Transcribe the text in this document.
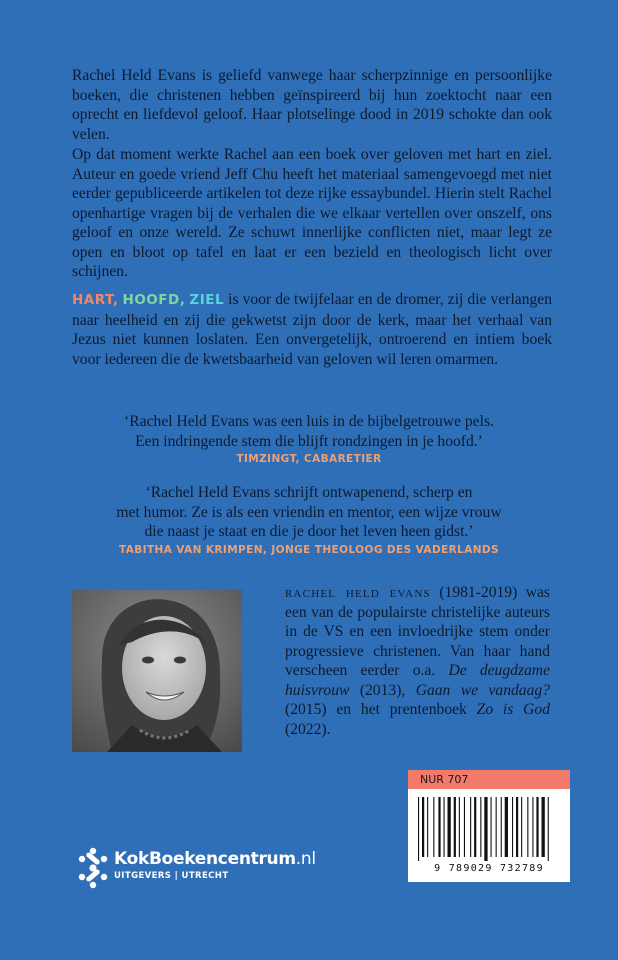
Rachel Held Evans is geliefd vanwege haar scherpzinnige en persoonlijke boeken, die christenen hebben geïnspireerd bij hun zoektocht naar een oprecht en liefdevol geloof. Haar plotselinge dood in 2019 schokte dan ook velen.

Op dat moment werkte Rachel aan een boek over geloven met hart en ziel. Auteur en goede vriend Jeff Chu heeft het materiaal samengevoegd met niet eerder gepubliceerde artikelen tot deze rijke essaybundel. Hierin stelt Rachel openhartige vragen bij de verhalen die we elkaar vertellen over onszelf, ons geloof en onze wereld. Ze schuwt innerlijke conflicten niet, maar legt ze open en bloot op tafel en laat er een bezield en theologisch licht over schijnen.

HART, HOOFD, ZIEL is voor de twijfelaar en de dromer, zij die verlangen naar heelheid en zij die gekwetst zijn door de kerk, maar het verhaal van Jezus niet kunnen loslaten. Een onvergetelijk, ontroerend en intiem boek voor iedereen die de kwetsbaarheid van geloven wil leren omarmen.

‘Rachel Held Evans was een luis in de bijbelgetrouwe pels.
Een indringende stem die blijft rondzingen in je hoofd.’
TIMZINGT, CABARETIER
‘Rachel Held Evans schrijft ontwapenend, scherp en
met humor. Ze is als een vriendin en mentor, een wijze vrouw
die naast je staat en die je door het leven heen gidst.’
TABITHA VAN KRIMPEN, JONGE THEOLOOG DES VADERLANDS

rachel held evans (1981-2019) was een van de populairste christelijke auteurs in de VS en een invloedrijke stem onder progressieve christenen. Van haar hand verscheen eerder o.a. De deugdzame huisvrouw (2013), Gaan we vandaag? (2015) en het prentenboek Zo is God (2022).

NUR 707
9 789029 732789
KokBoekencentrum.nl
UITGEVERS | UTRECHT
